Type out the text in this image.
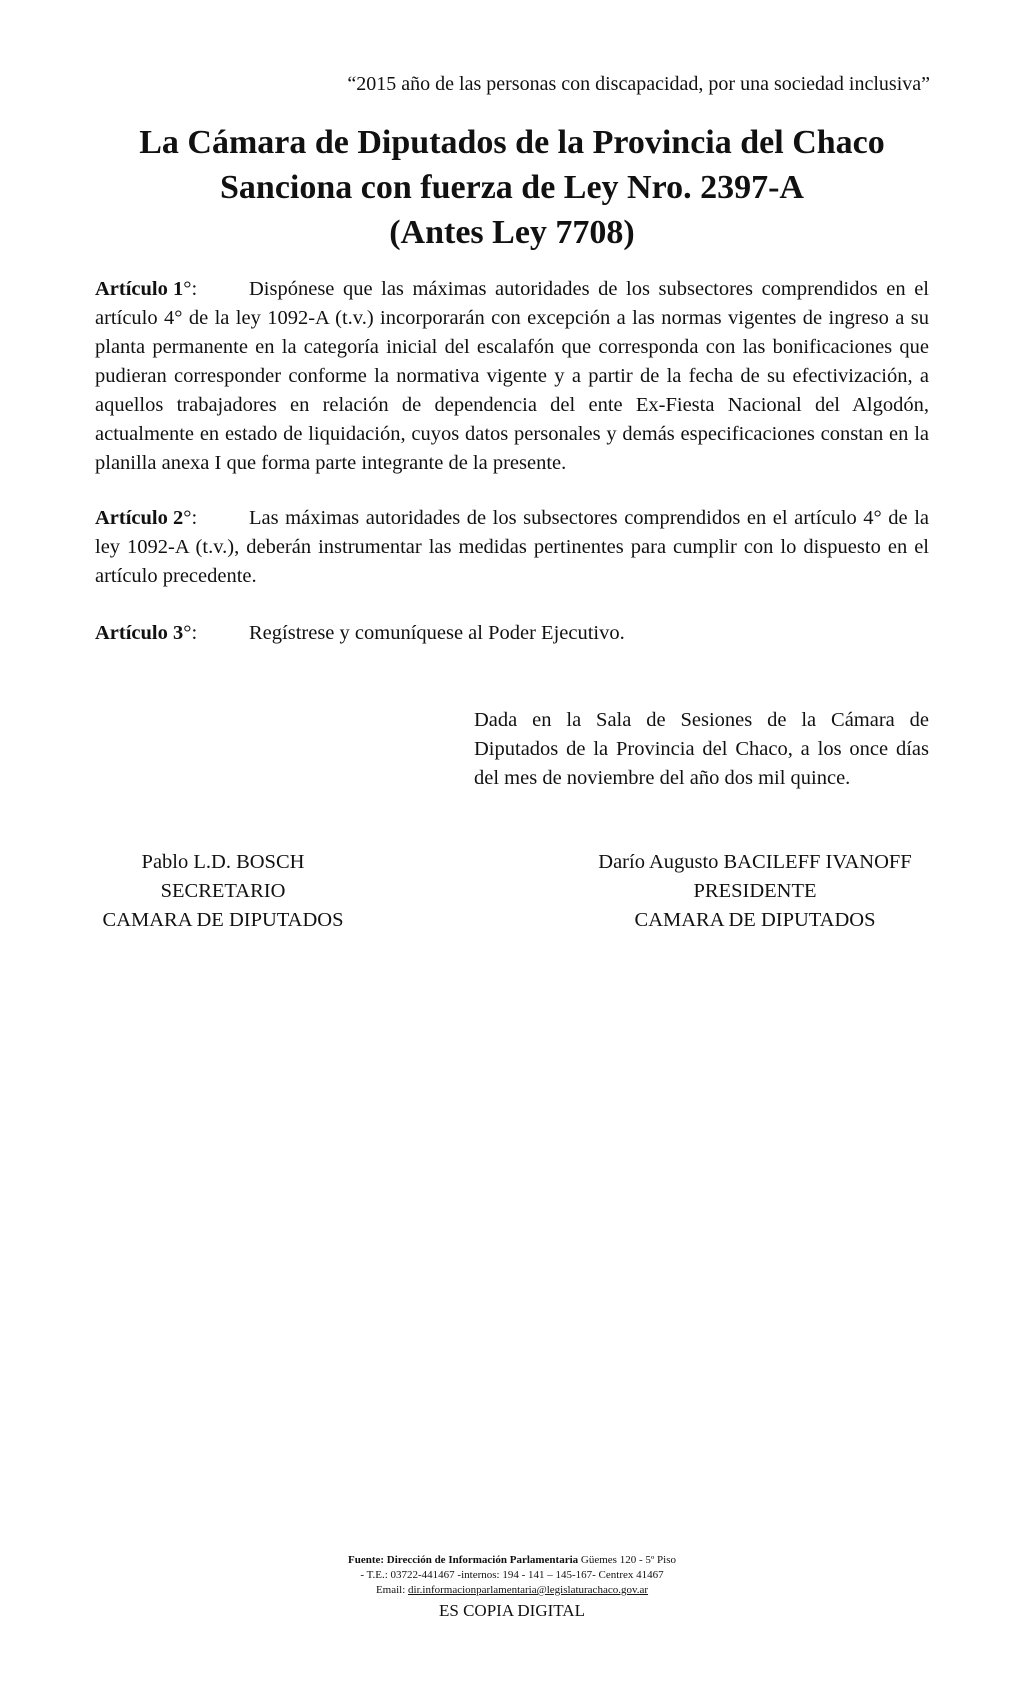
“2015 año de las personas con discapacidad, por una sociedad inclusiva”
La Cámara de Diputados de la Provincia del Chaco
Sanciona con fuerza de Ley Nro. 2397-A
(Antes Ley 7708)
Artículo 1°:	Dispónese que las máximas autoridades de los subsectores comprendidos en el artículo 4° de la ley 1092-A (t.v.) incorporarán con excepción a las normas vigentes de ingreso a su planta permanente en la categoría inicial del escalafón que corresponda con las bonificaciones que pudieran corresponder conforme la normativa vigente y a partir de la fecha de su efectivización, a aquellos trabajadores en relación de dependencia del ente Ex-Fiesta Nacional del Algodón, actualmente en estado de liquidación, cuyos datos personales y demás especificaciones constan en la planilla anexa I que forma parte integrante de la presente.
Artículo 2°:	Las máximas autoridades de los subsectores comprendidos en el artículo 4° de la ley 1092-A (t.v.), deberán instrumentar las medidas pertinentes para cumplir con lo dispuesto en el artículo precedente.
Artículo 3°:	Regístrese y comuníquese al Poder Ejecutivo.
Dada en la Sala de Sesiones de la Cámara de Diputados de la Provincia del Chaco, a los once días del mes de noviembre del año dos mil quince.
Pablo L.D. BOSCH
SECRETARIO
CAMARA DE DIPUTADOS
Darío Augusto BACILEFF IVANOFF
PRESIDENTE
CAMARA DE DIPUTADOS
Fuente: Dirección de Información Parlamentaria Güemes 120 - 5º Piso
- T.E.: 03722-441467 -internos: 194 - 141 – 145-167- Centrex 41467
Email: dir.informacionparlamentaria@legislaturachaco.gov.ar
ES COPIA DIGITAL
